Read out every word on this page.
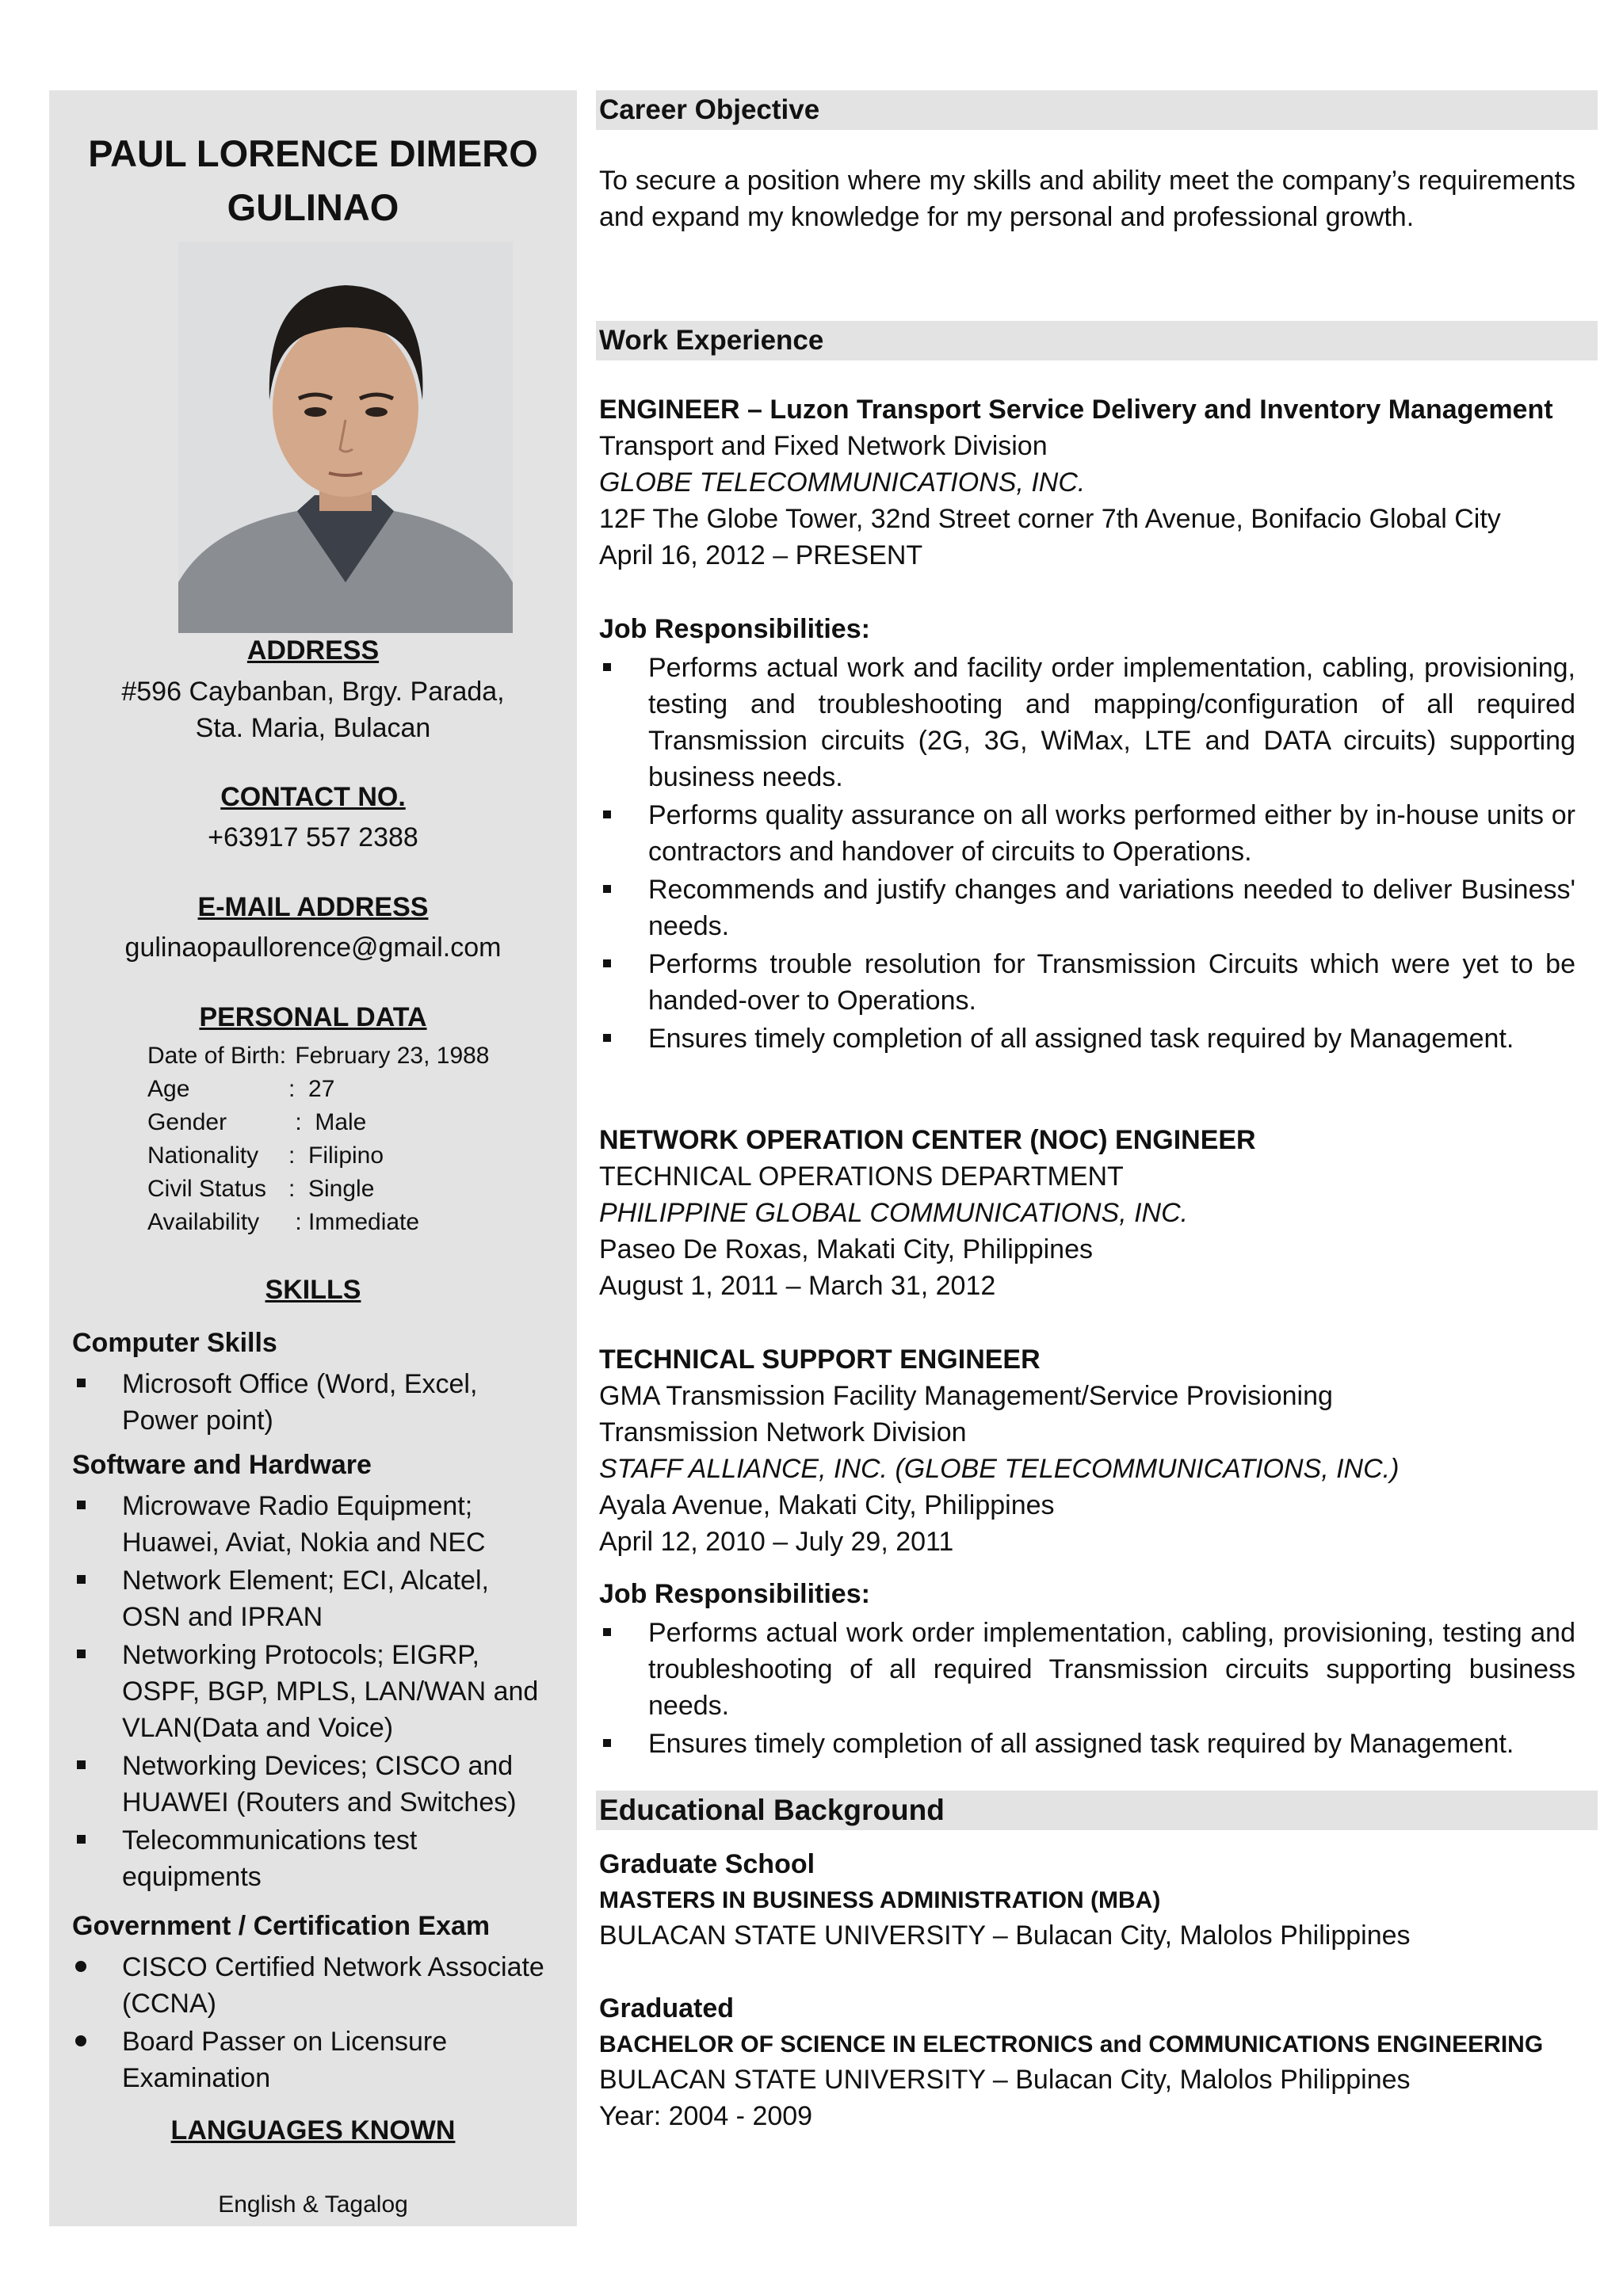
PAUL LORENCE DIMERO GULINAO
ADDRESS
#596 Caybanban, Brgy. Parada, Sta. Maria, Bulacan
CONTACT NO.
+63917 557 2388
E-MAIL ADDRESS
gulinaopaullorence@gmail.com
PERSONAL DATA
Date of Birth: February 23, 1988
Age	:  27
Gender	:  Male
Nationality :  Filipino
Civil Status :  Single
Availability : Immediate
SKILLS
Computer Skills
Microsoft Office (Word, Excel, Power point)
Software and Hardware
Microwave Radio Equipment; Huawei, Aviat, Nokia and NEC
Network Element; ECI, Alcatel, OSN and IPRAN
Networking Protocols; EIGRP, OSPF, BGP, MPLS, LAN/WAN and VLAN(Data and Voice)
Networking Devices; CISCO and HUAWEI (Routers and Switches)
Telecommunications test equipments
Government / Certification Exam
CISCO Certified Network Associate (CCNA)
Board Passer on Licensure Examination
LANGUAGES KNOWN
English & Tagalog
Career Objective
To secure a position where my skills and ability meet the company’s requirements and expand my knowledge for my personal and professional growth.
Work Experience
ENGINEER – Luzon Transport Service Delivery and Inventory Management
Transport and Fixed Network Division
GLOBE TELECOMMUNICATIONS, INC.
12F The Globe Tower, 32nd Street corner 7th Avenue, Bonifacio Global City
April 16, 2012 – PRESENT
Job Responsibilities:
Performs actual work and facility order implementation, cabling, provisioning, testing and troubleshooting and mapping/configuration of all required Transmission circuits (2G, 3G, WiMax, LTE and DATA circuits) supporting business needs.
Performs quality assurance on all works performed either by in-house units or contractors and handover of circuits to Operations.
Recommends and justify changes and variations needed to deliver Business' needs.
Performs trouble resolution for Transmission Circuits which were yet to be handed-over to Operations.
Ensures timely completion of all assigned task required by Management.
NETWORK OPERATION CENTER (NOC) ENGINEER
TECHNICAL OPERATIONS DEPARTMENT
PHILIPPINE GLOBAL COMMUNICATIONS, INC.
Paseo De Roxas, Makati City, Philippines
August 1, 2011 – March 31, 2012
TECHNICAL SUPPORT ENGINEER
GMA Transmission Facility Management/Service Provisioning
Transmission Network Division
STAFF ALLIANCE, INC. (GLOBE TELECOMMUNICATIONS, INC.)
Ayala Avenue, Makati City, Philippines
April 12, 2010 – July 29, 2011
Job Responsibilities:
Performs actual work order implementation, cabling, provisioning, testing and troubleshooting of all required Transmission circuits supporting business needs.
Ensures timely completion of all assigned task required by Management.
Educational Background
Graduate School
MASTERS IN BUSINESS ADMINISTRATION (MBA)
BULACAN STATE UNIVERSITY – Bulacan City, Malolos Philippines
Graduated
BACHELOR OF SCIENCE IN ELECTRONICS and COMMUNICATIONS ENGINEERING
BULACAN STATE UNIVERSITY – Bulacan City, Malolos Philippines
Year: 2004 - 2009
